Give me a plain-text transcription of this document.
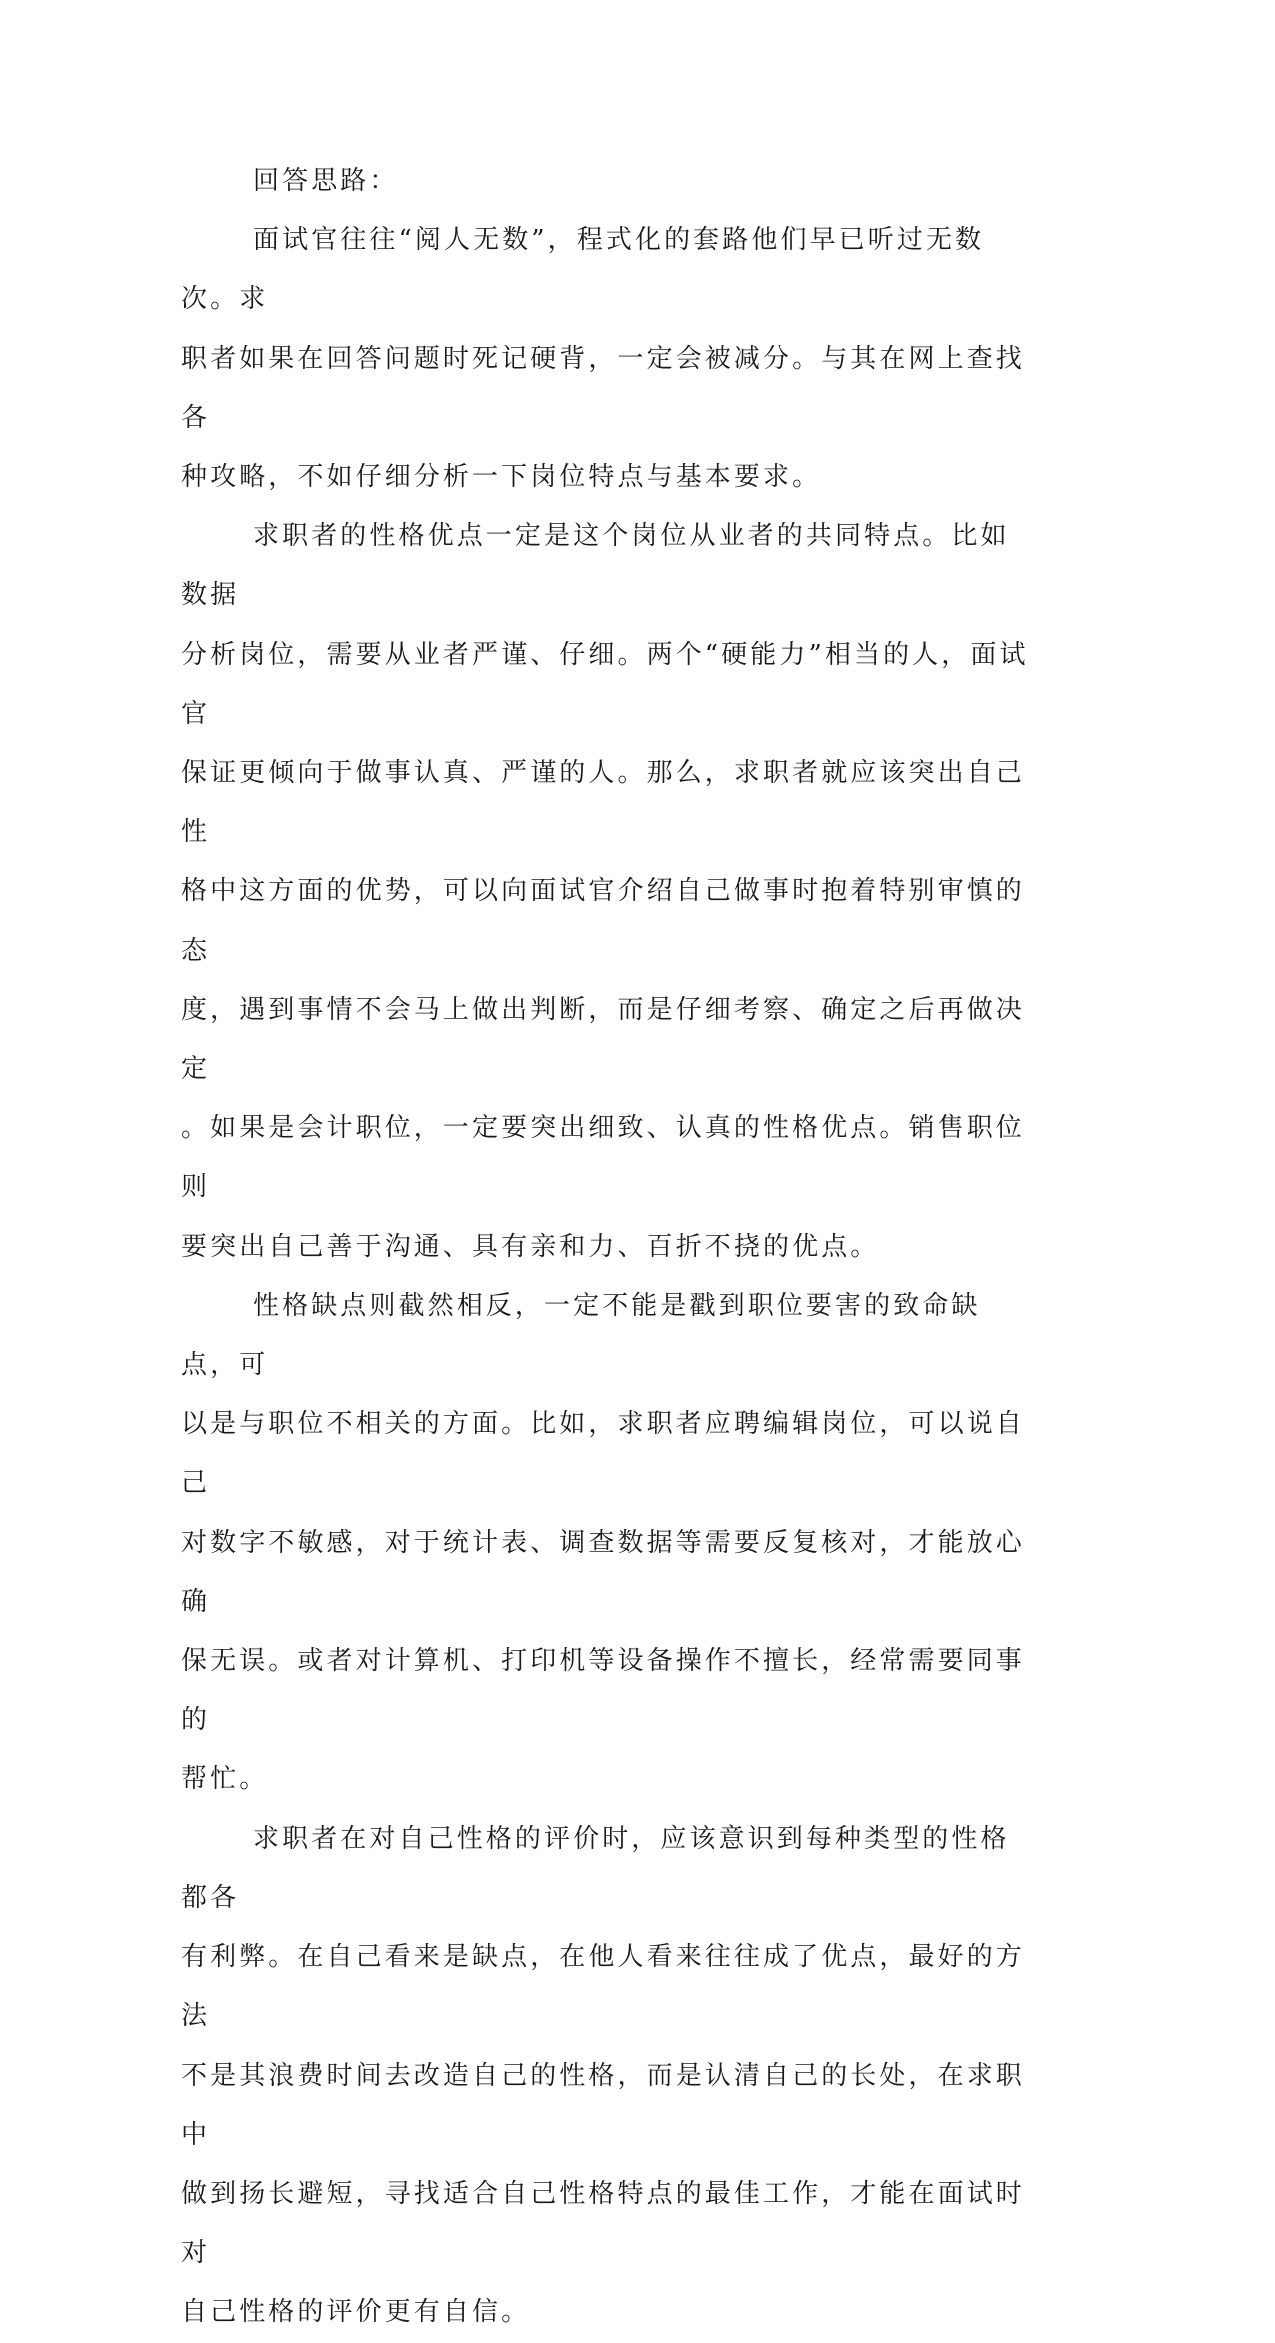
回答思路：

面试官往往“阅人无数”，程式化的套路他们早已听过无数次。求
职者如果在回答问题时死记硬背，一定会被减分。与其在网上查找各
种攻略，不如仔细分析一下岗位特点与基本要求。

求职者的性格优点一定是这个岗位从业者的共同特点。比如数据
分析岗位，需要从业者严谨、仔细。两个“硬能力”相当的人，面试官
保证更倾向于做事认真、严谨的人。那么，求职者就应该突出自己性
格中这方面的优势，可以向面试官介绍自己做事时抱着特别审慎的态
度，遇到事情不会马上做出判断，而是仔细考察、确定之后再做决定
。如果是会计职位，一定要突出细致、认真的性格优点。销售职位则
要突出自己善于沟通、具有亲和力、百折不挠的优点。

性格缺点则截然相反，一定不能是戳到职位要害的致命缺点，可
以是与职位不相关的方面。比如，求职者应聘编辑岗位，可以说自己
对数字不敏感，对于统计表、调查数据等需要反复核对，才能放心确
保无误。或者对计算机、打印机等设备操作不擅长，经常需要同事的
帮忙。

求职者在对自己性格的评价时，应该意识到每种类型的性格都各
有利弊。在自己看来是缺点，在他人看来往往成了优点，最好的方法
不是其浪费时间去改造自己的性格，而是认清自己的长处，在求职中
做到扬长避短，寻找适合自己性格特点的最佳工作，才能在面试时对
自己性格的评价更有自信。
